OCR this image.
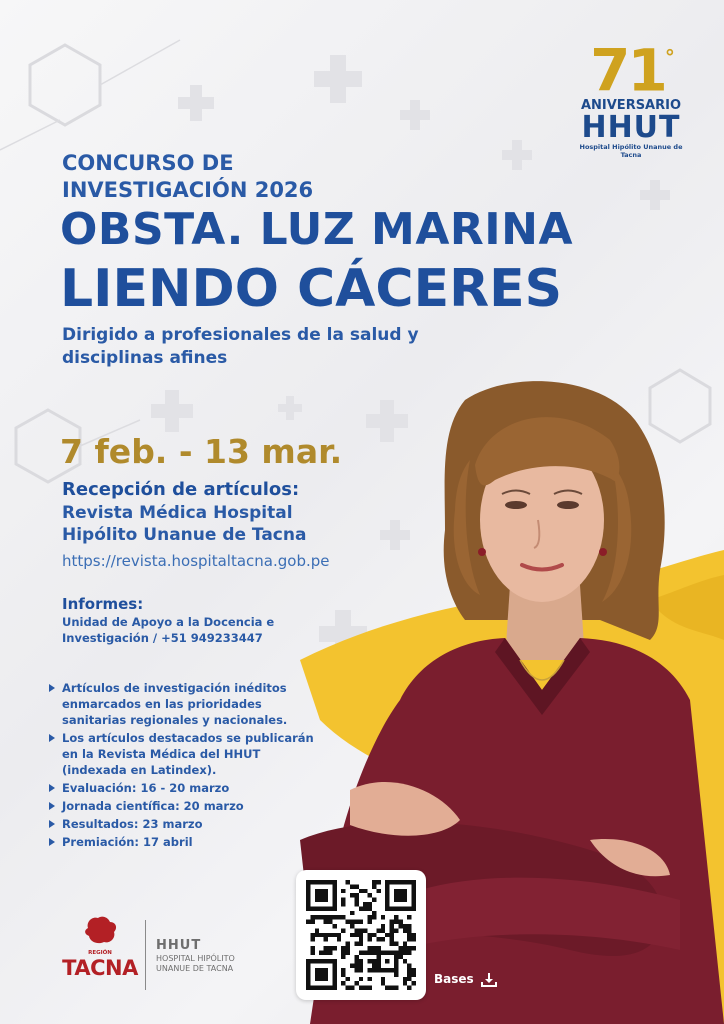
71°
ANIVERSARIO
HHUT
Hospital Hipólito Unanue de Tacna
CONCURSO DE
INVESTIGACIÓN 2026
OBSTA. LUZ MARINA
LIENDO CÁCERES
Dirigido a profesionales de la salud y disciplinas afines
7 feb. - 13 mar.
Recepción de artículos:
Revista Médica Hospital Hipólito Unanue de Tacna
https://revista.hospitaltacna.gob.pe
Informes:
Unidad de Apoyo a la Docencia e Investigación / +51 949233447
Artículos de investigación inéditos enmarcados en las prioridades sanitarias regionales y nacionales.
Los artículos destacados se publicarán en la Revista Médica del HHUT (indexada en Latindex).
Evaluación: 16 - 20 marzo
Jornada científica: 20 marzo
Resultados: 23 marzo
Premiación: 17 abril
Bases
REGIÓN
TACNA
HHUT
HOSPITAL HIPÓLITO
UNANUE DE TACNA
